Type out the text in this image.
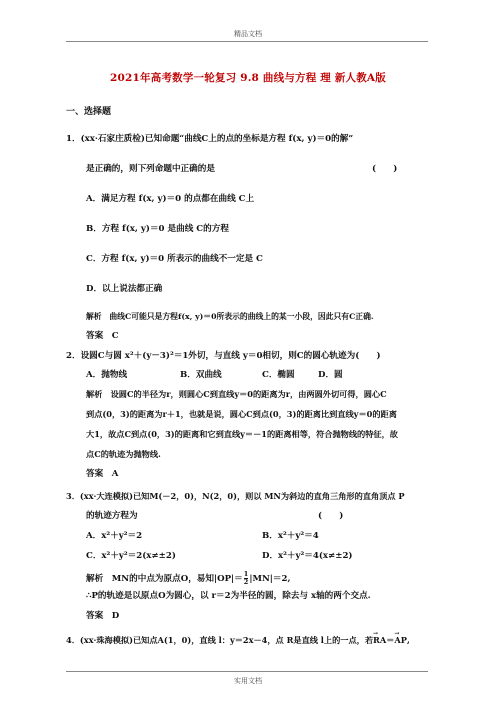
精品文档
2021年高考数学一轮复习 9.8 曲线与方程 理 新人教A版
一、选择题
1．(xx·石家庄质检)已知命题“曲线C上的点的坐标是方程 f(x, y)＝0的解”
是正确的，则下列命题中正确的是	(　　)
A．满足方程 f(x, y)＝0 的点都在曲线 C上
B．方程 f(x, y)＝0 是曲线 C的方程
C．方程 f(x, y)＝0 所表示的曲线不一定是 C
D．以上说法都正确
解析　曲线C可能只是方程f(x, y)＝0所表示的曲线上的某一小段，因此只有C正确.
答案　C
2．设圆C与圆 x²＋(y－3)²＝1外切，与直线 y＝0相切，则C的圆心轨迹为(　　)
A．抛物线	B．双曲线	C．椭圆	D．圆
解析　设圆C的半径为r，则圆心C到直线y＝0的距离为r，由两圆外切可得，圆心C
到点(0，3)的距离为r＋1，也就是说，圆心C到点(0，3)的距离比到直线y＝0的距离
大1，故点C到点(0，3)的距离和它到直线y＝－1的距离相等，符合抛物线的特征，故
点C的轨迹为抛物线.
答案　A
3．(xx·大连模拟)已知M(－2，0)，N(2，0)，则以 MN为斜边的直角三角形的直角顶点 P
的轨迹方程为	(　　)
A．x²＋y²＝2	B．x²＋y²＝4
C．x²＋y²＝2(x≠±2)	D．x²＋y²＝4(x≠±2)
解析　MN的中点为原点O，易知$|OP|= \frac{1}{2} |MN|=2$,
∴P的轨迹是以原点O为圆心，以 r＝2为半径的圆，除去与 x轴的两个交点.
答案　D
4．(xx·珠海模拟)已知点A(1，0)，直线 l：y＝2x－4，点 R是直线 l上的一点，若→ RA＝→ AP,
实用文档
